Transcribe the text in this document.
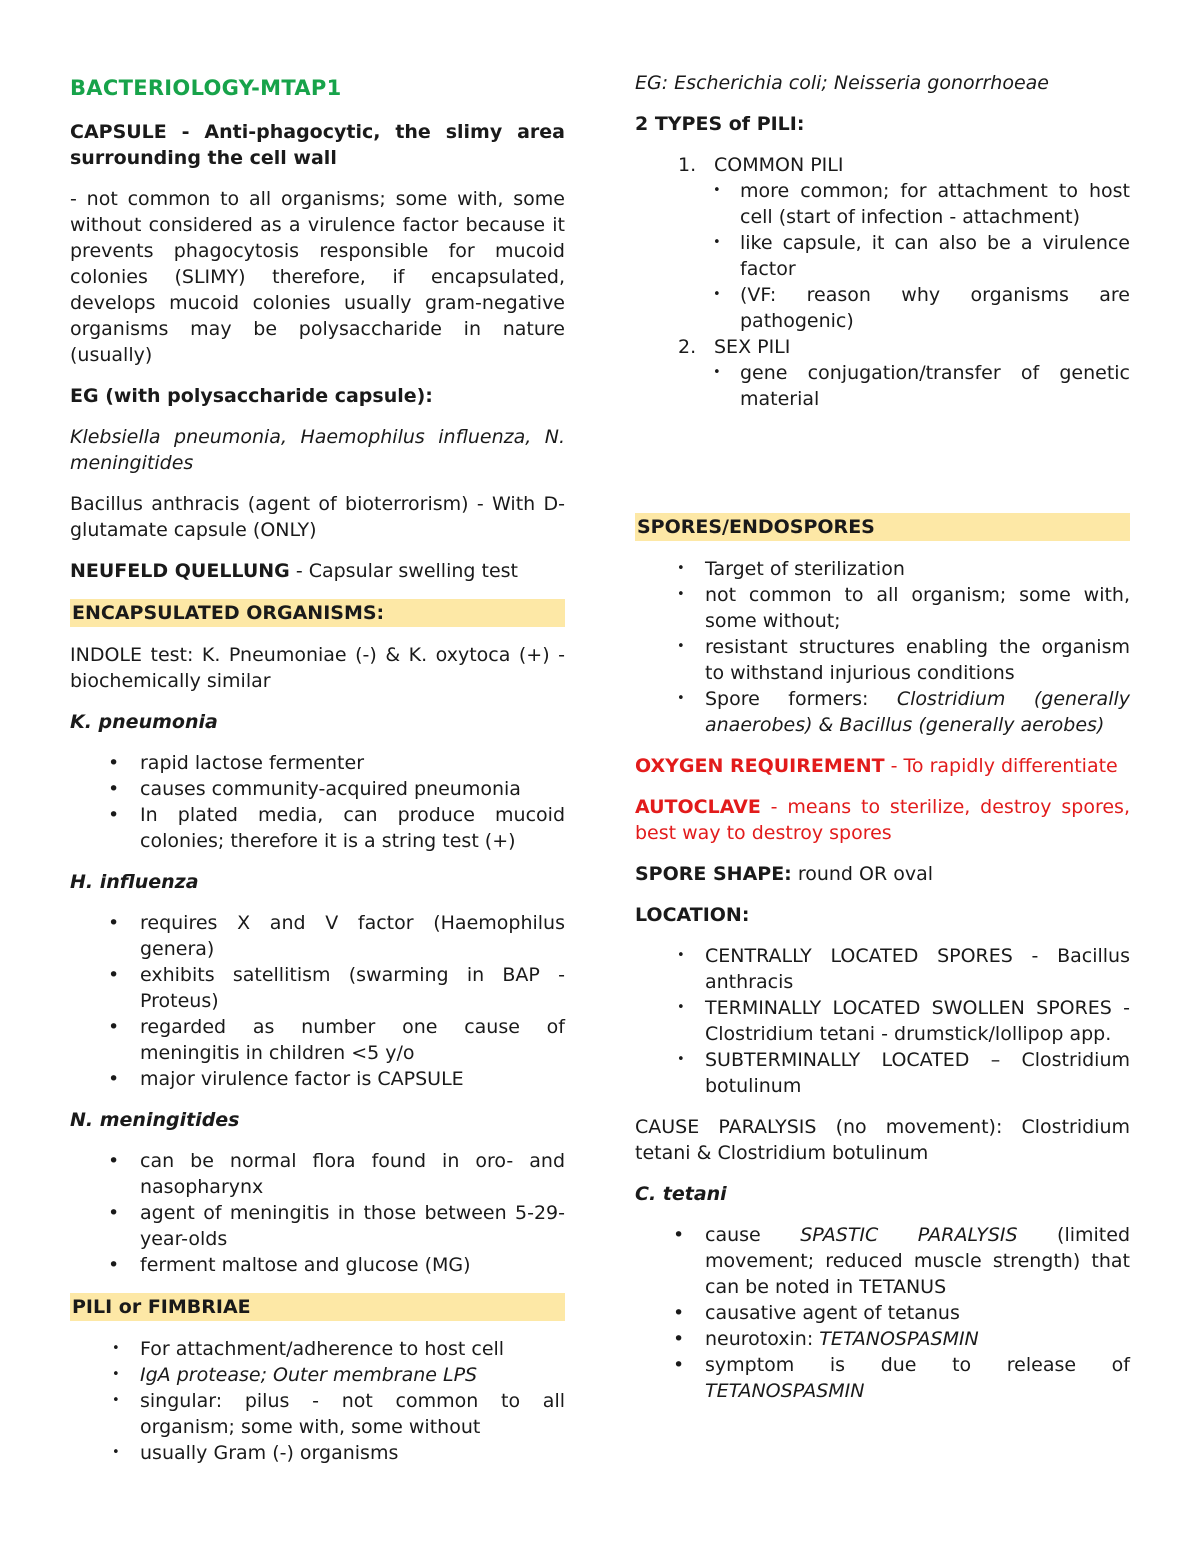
BACTERIOLOGY-MTAP1

CAPSULE - Anti-phagocytic, the slimy area surrounding the cell wall

- not common to all organisms; some with, some without considered as a virulence factor because it prevents phagocytosis responsible for mucoid colonies (SLIMY) therefore, if encapsulated, develops mucoid colonies usually gram-negative organisms may be polysaccharide in nature (usually)

EG (with polysaccharide capsule):

Klebsiella pneumonia, Haemophilus influenza, N. meningitides

Bacillus anthracis (agent of bioterrorism) - With D-glutamate capsule (ONLY)

NEUFELD QUELLUNG - Capsular swelling test

ENCAPSULATED ORGANISMS:

INDOLE test: K. Pneumoniae (-) & K. oxytoca (+) - biochemically similar

K. pneumonia

• rapid lactose fermenter
• causes community-acquired pneumonia
• In plated media, can produce mucoid colonies; therefore it is a string test (+)

H. influenza

• requires X and V factor (Haemophilus genera)
• exhibits satellitism (swarming in BAP - Proteus)
• regarded as number one cause of meningitis in children <5 y/o
• major virulence factor is CAPSULE

N. meningitides

• can be normal flora found in oro- and nasopharynx
• agent of meningitis in those between 5-29-year-olds
• ferment maltose and glucose (MG)
PILI or FIMBRIAE
• For attachment/adherence to host cell
• IgA protease; Outer membrane LPS
• singular: pilus - not common to all organism; some with, some without
• usually Gram (-) organisms

EG: Escherichia coli; Neisseria gonorrhoeae

2 TYPES of PILI:

1. COMMON PILI
• more common; for attachment to host cell (start of infection - attachment)
• like capsule, it can also be a virulence factor
• (VF: reason why organisms are pathogenic)
2. SEX PILI
• gene conjugation/transfer of genetic material
SPORES/ENDOSPORES
• Target of sterilization
• not common to all organism; some with, some without;
• resistant structures enabling the organism to withstand injurious conditions
• Spore formers: Clostridium (generally anaerobes) & Bacillus (generally aerobes)

OXYGEN REQUIREMENT - To rapidly differentiate

AUTOCLAVE - means to sterilize, destroy spores, best way to destroy spores

SPORE SHAPE: round OR oval

LOCATION:

• CENTRALLY LOCATED SPORES - Bacillus anthracis
• TERMINALLY LOCATED SWOLLEN SPORES - Clostridium tetani - drumstick/lollipop app.
• SUBTERMINALLY LOCATED – Clostridium botulinum

CAUSE PARALYSIS (no movement): Clostridium tetani & Clostridium botulinum

C. tetani

• cause SPASTIC PARALYSIS (limited movement; reduced muscle strength) that can be noted in TETANUS
• causative agent of tetanus
• neurotoxin: TETANOSPASMIN
• symptom is due to release of TETANOSPASMIN
